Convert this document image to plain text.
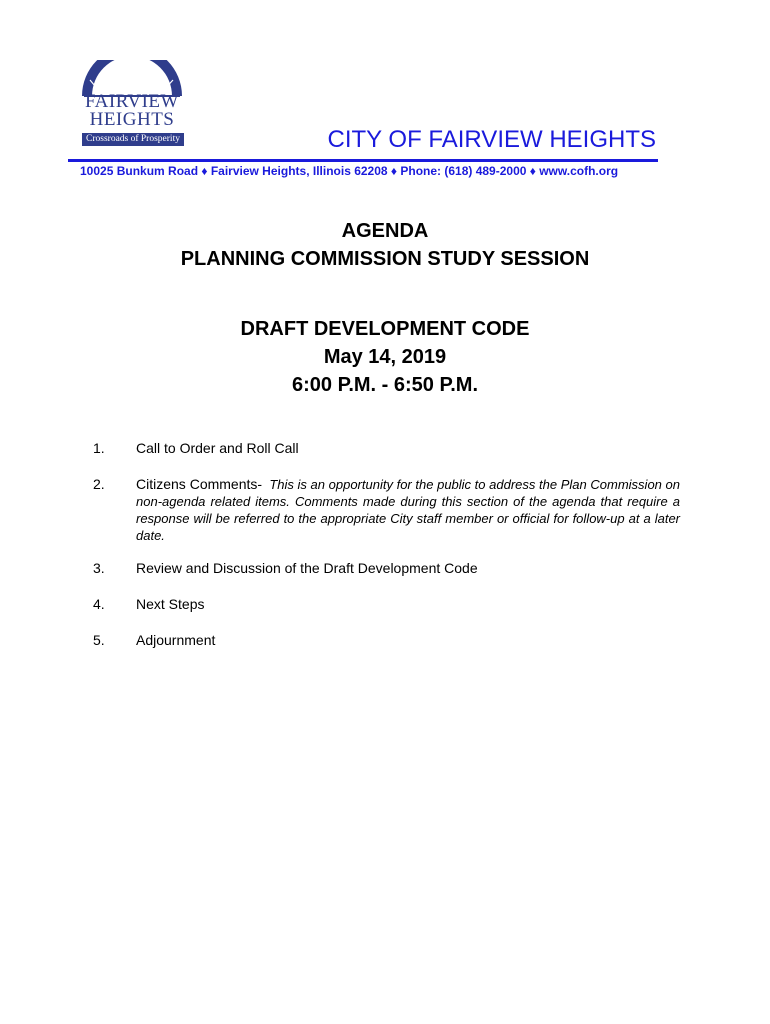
FAIRVIEW
HEIGHTS
Crossroads of Prosperity	CITY OF FAIRVIEW HEIGHTS
10025 Bunkum Road ♦ Fairview Heights, Illinois 62208 ♦ Phone: (618) 489-2000 ♦ www.cofh.org
AGENDA
PLANNING COMMISSION STUDY SESSION
DRAFT DEVELOPMENT CODE
May 14, 2019
6:00 P.M. - 6:50 P.M.
1. Call to Order and Roll Call
2. Citizens Comments- This is an opportunity for the public to address the Plan Commission on non-agenda related items. Comments made during this section of the agenda that require a response will be referred to the appropriate City staff member or official for follow-up at a later date.
3. Review and Discussion of the Draft Development Code
4. Next Steps
5. Adjournment
